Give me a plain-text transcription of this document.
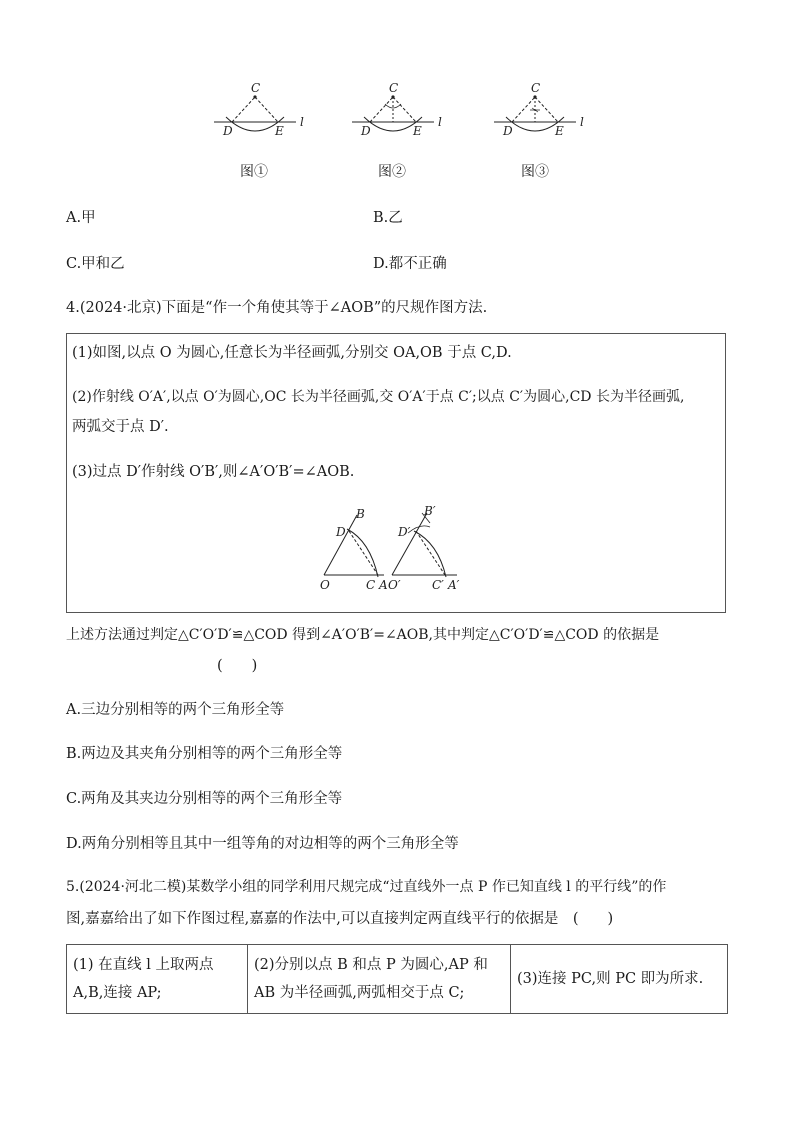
C
D	E
l
C
D	E
l
C
D	E
l
图①	图②	图③
A.甲	B.乙
C.甲和乙	D.都不正确
4.(2024·北京)下面是“作一个角使其等于∠AOB”的尺规作图方法.
(1)如图,以点 O 为圆心,任意长为半径画弧,分别交 OA,OB 于点 C,D.
(2)作射线 O′A′,以点 O′为圆心,OC 长为半径画弧,交 O′A′于点 C′;以点 C′为圆心,CD 长为半径画弧,
两弧交于点 D′.
(3)过点 D′作射线 O′B′,则∠A′O′B′=∠AOB.
B
D
O	C A
B′
D′
O′	C′ A′
上述方法通过判定△C′O′D′≌△COD 得到∠A′O′B′=∠AOB,其中判定△C′O′D′≌△COD 的依据是
(　　)
A.三边分别相等的两个三角形全等
B.两边及其夹角分别相等的两个三角形全等
C.两角及其夹边分别相等的两个三角形全等
D.两角分别相等且其中一组等角的对边相等的两个三角形全等
5.(2024·河北二模)某数学小组的同学利用尺规完成“过直线外一点 P 作已知直线 l 的平行线”的作
图,嘉嘉给出了如下作图过程,嘉嘉的作法中,可以直接判定两直线平行的依据是　(　　)
(1) 在直线 l 上取两点 A,B,连接 AP;	(2)分别以点 B 和点 P 为圆心,AP 和 AB 为半径画弧,两弧相交于点 C;	(3)连接 PC,则 PC 即为所求.
